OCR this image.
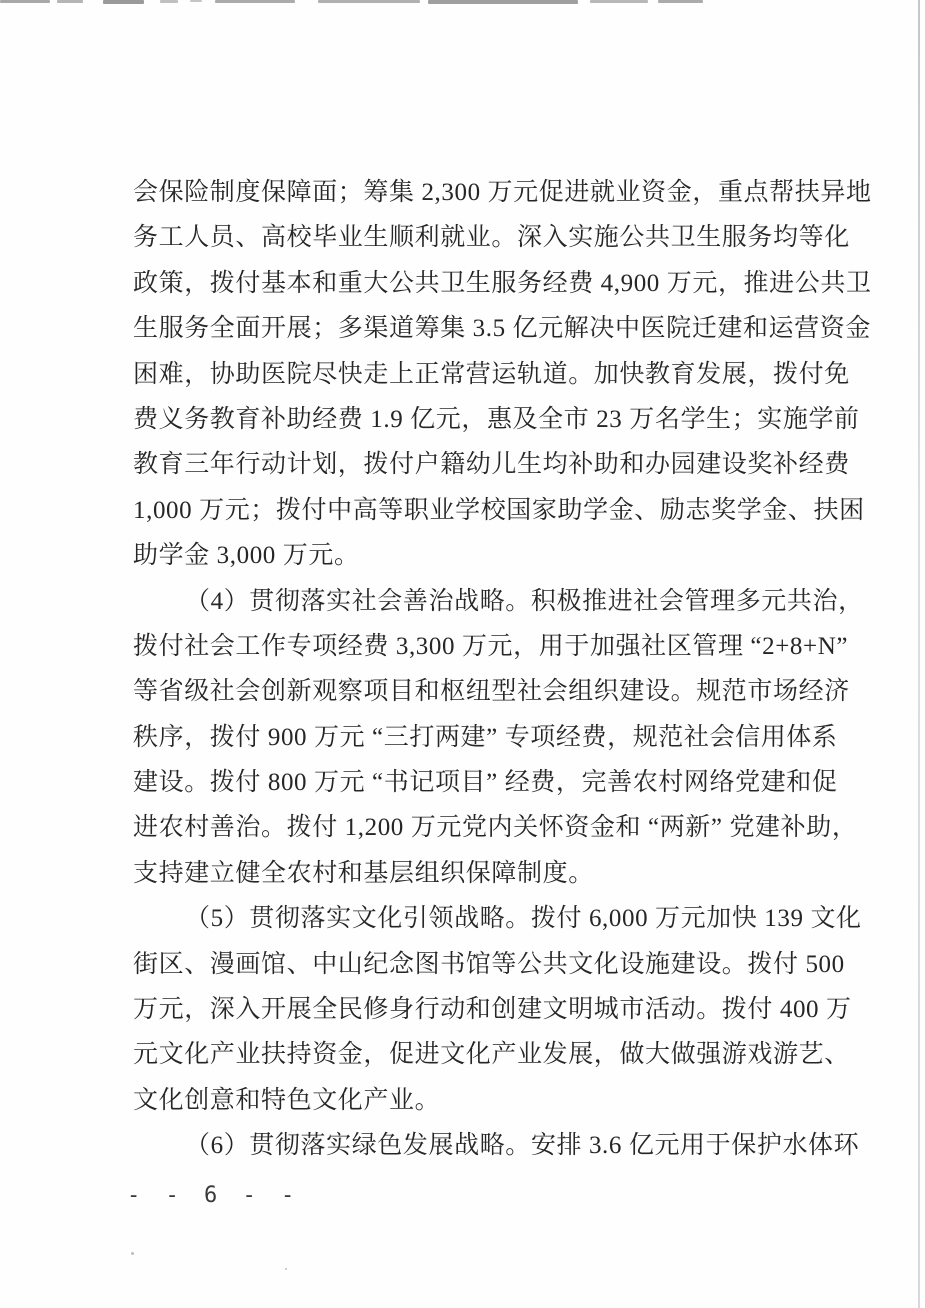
会保险制度保障面；筹集 2,300 万元促进就业资金，重点帮扶异地
务工人员、高校毕业生顺利就业。深入实施公共卫生服务均等化
政策，拨付基本和重大公共卫生服务经费 4,900 万元，推进公共卫
生服务全面开展；多渠道筹集 3.5 亿元解决中医院迁建和运营资金
困难，协助医院尽快走上正常营运轨道。加快教育发展，拨付免
费义务教育补助经费 1.9 亿元，惠及全市 23 万名学生；实施学前
教育三年行动计划，拨付户籍幼儿生均补助和办园建设奖补经费
1,000 万元；拨付中高等职业学校国家助学金、励志奖学金、扶困
助学金 3,000 万元。
（4）贯彻落实社会善治战略。积极推进社会管理多元共治，
拨付社会工作专项经费 3,300 万元，用于加强社区管理 “2+8+N”
等省级社会创新观察项目和枢纽型社会组织建设。规范市场经济
秩序，拨付 900 万元 “三打两建” 专项经费，规范社会信用体系
建设。拨付 800 万元 “书记项目” 经费，完善农村网络党建和促
进农村善治。拨付 1,200 万元党内关怀资金和 “两新” 党建补助，
支持建立健全农村和基层组织保障制度。
（5）贯彻落实文化引领战略。拨付 6,000 万元加快 139 文化
街区、漫画馆、中山纪念图书馆等公共文化设施建设。拨付 500
万元，深入开展全民修身行动和创建文明城市活动。拨付 400 万
元文化产业扶持资金，促进文化产业发展，做大做强游戏游艺、
文化创意和特色文化产业。
（6）贯彻落实绿色发展战略。安排 3.6 亿元用于保护水体环
- - 6 - -
